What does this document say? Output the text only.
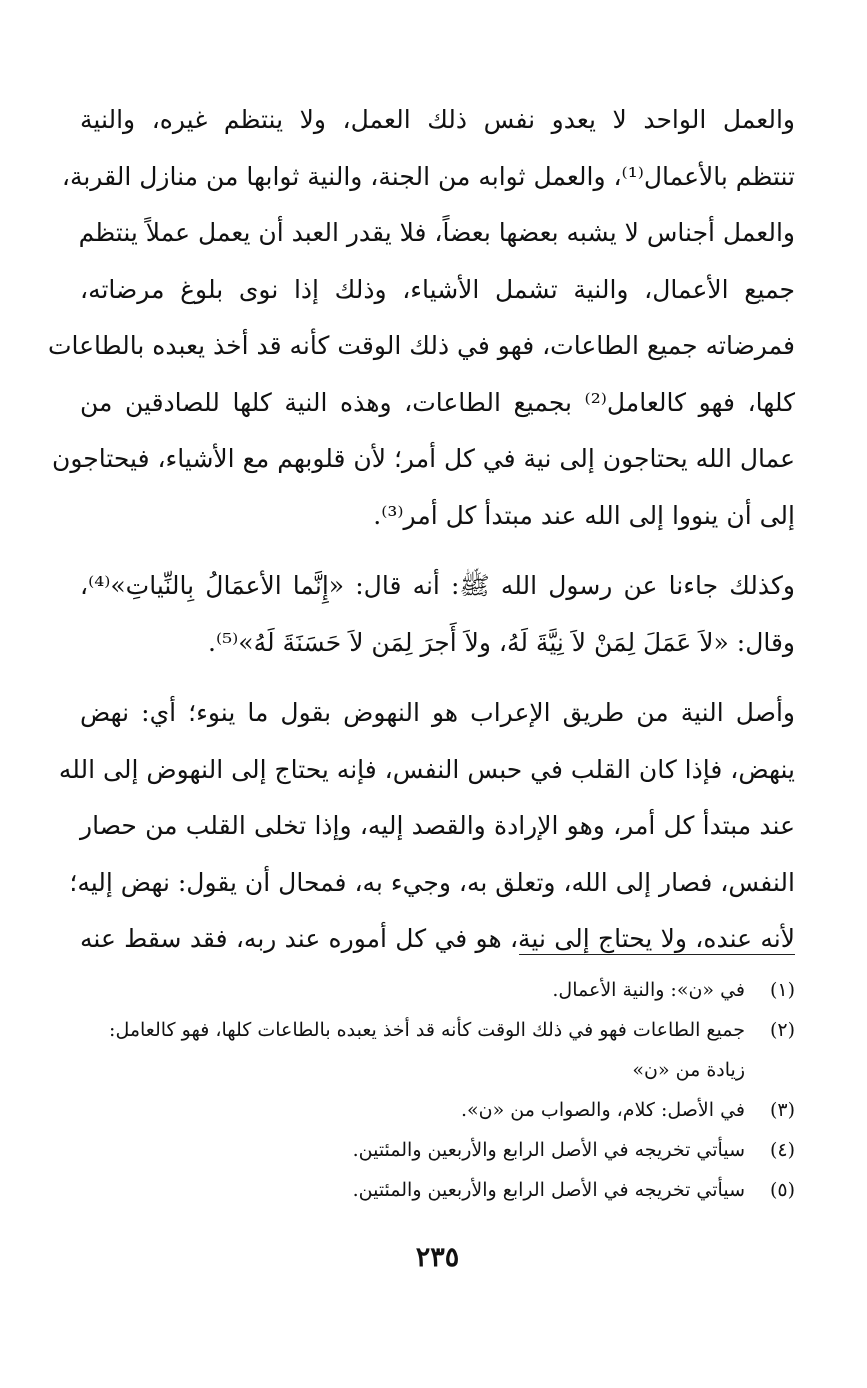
والعمل الواحد لا يعدو نفس ذلك العمل، ولا ينتظم غيره، والنية
تنتظم بالأعمال⁽¹⁾، والعمل ثوابه من الجنة، والنية ثوابها من منازل القربة،
والعمل أجناس لا يشبه بعضها بعضاً، فلا يقدر العبد أن يعمل عملاً ينتظم
جميع الأعمال، والنية تشمل الأشياء، وذلك إذا نوى بلوغ مرضاته،
فمرضاته جميع الطاعات، فهو في ذلك الوقت كأنه قد أخذ يعبده بالطاعات
كلها، فهو كالعامل⁽²⁾ بجميع الطاعات، وهذه النية كلها للصادقين من
عمال الله يحتاجون إلى نية في كل أمر؛ لأن قلوبهم مع الأشياء، فيحتاجون
إلى أن ينووا إلى الله عند مبتدأ كل أمر⁽³⁾.

وكذلك جاءنا عن رسول الله ﷺ: أنه قال: «إِنَّما الأعمَالُ بِالنِّياتِ»⁽⁴⁾،
وقال: «لاَ عَمَلَ لِمَنْ لاَ نِيَّةَ لَهُ، ولاَ أَجرَ لِمَن لاَ حَسَنَةَ لَهُ»⁽⁵⁾.

وأصل النية من طريق الإعراب هو النهوض بقول ما ينوء؛ أي: نهض
ينهض، فإذا كان القلب في حبس النفس، فإنه يحتاج إلى النهوض إلى الله
عند مبتدأ كل أمر، وهو الإرادة والقصد إليه، وإذا تخلى القلب من حصار
النفس، فصار إلى الله، وتعلق به، وجيء به، فمحال أن يقول: نهض إليه؛
لأنه عنده، ولا يحتاج إلى نية، هو في كل أموره عند ربه، فقد سقط عنه

(١)
في «ن»: والنية الأعمال.
(٢)
جميع الطاعات فهو في ذلك الوقت كأنه قد أخذ يعبده بالطاعات كلها، فهو كالعامل: زيادة من «ن»
(٣)
في الأصل: كلام، والصواب من «ن».
(٤)
سيأتي تخريجه في الأصل الرابع والأربعين والمئتين.
(٥)
سيأتي تخريجه في الأصل الرابع والأربعين والمئتين.
٢٣٥
